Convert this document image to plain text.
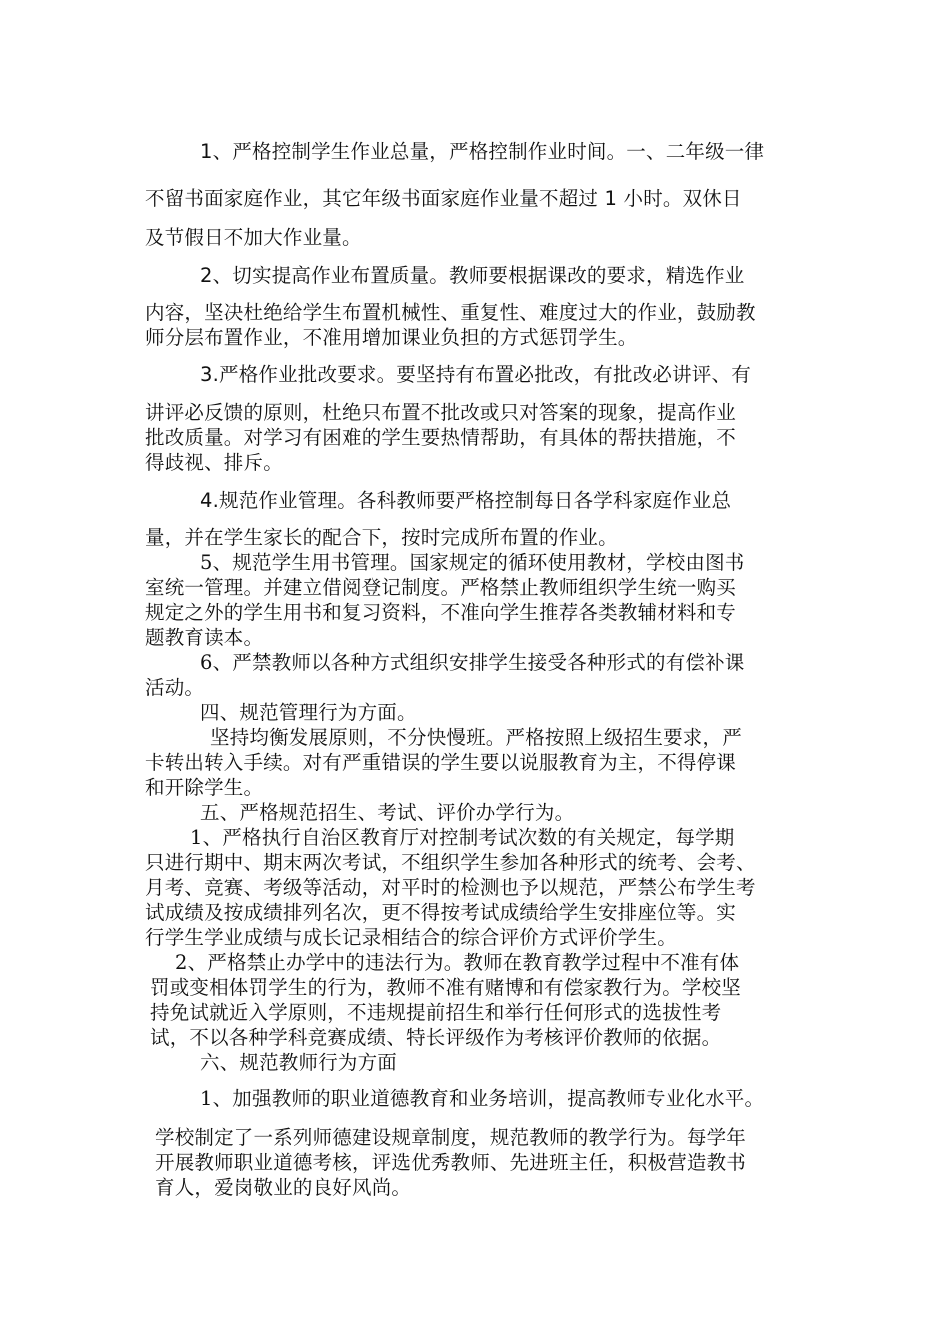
1、严格控制学生作业总量，严格控制作业时间。一、二年级一律
不留书面家庭作业，其它年级书面家庭作业量不超过 1 小时。双休日
及节假日不加大作业量。
2、切实提高作业布置质量。教师要根据课改的要求，精选作业
内容，坚决杜绝给学生布置机械性、重复性、难度过大的作业，鼓励教
师分层布置作业，不准用增加课业负担的方式惩罚学生。
3.严格作业批改要求。要坚持有布置必批改，有批改必讲评、有
讲评必反馈的原则，杜绝只布置不批改或只对答案的现象，提高作业
批改质量。对学习有困难的学生要热情帮助，有具体的帮扶措施，不
得歧视、排斥。
4.规范作业管理。各科教师要严格控制每日各学科家庭作业总
量，并在学生家长的配合下，按时完成所布置的作业。
5、规范学生用书管理。国家规定的循环使用教材，学校由图书
室统一管理。并建立借阅登记制度。严格禁止教师组织学生统一购买
规定之外的学生用书和复习资料，不准向学生推荐各类教辅材料和专
题教育读本。
6、严禁教师以各种方式组织安排学生接受各种形式的有偿补课
活动。
四、规范管理行为方面。
坚持均衡发展原则，不分快慢班。严格按照上级招生要求，严
卡转出转入手续。对有严重错误的学生要以说服教育为主，不得停课
和开除学生。
五、严格规范招生、考试、评价办学行为。
1、严格执行自治区教育厅对控制考试次数的有关规定，每学期
只进行期中、期末两次考试，不组织学生参加各种形式的统考、会考、
月考、竞赛、考级等活动，对平时的检测也予以规范，严禁公布学生考
试成绩及按成绩排列名次，更不得按考试成绩给学生安排座位等。实
行学生学业成绩与成长记录相结合的综合评价方式评价学生。
2、严格禁止办学中的违法行为。教师在教育教学过程中不准有体
罚或变相体罚学生的行为，教师不准有赌博和有偿家教行为。学校坚
持免试就近入学原则，不违规提前招生和举行任何形式的选拔性考
试，不以各种学科竞赛成绩、特长评级作为考核评价教师的依据。
六、规范教师行为方面
1、加强教师的职业道德教育和业务培训，提高教师专业化水平。
学校制定了一系列师德建设规章制度，规范教师的教学行为。每学年
开展教师职业道德考核，评选优秀教师、先进班主任，积极营造教书
育人，爱岗敬业的良好风尚。
